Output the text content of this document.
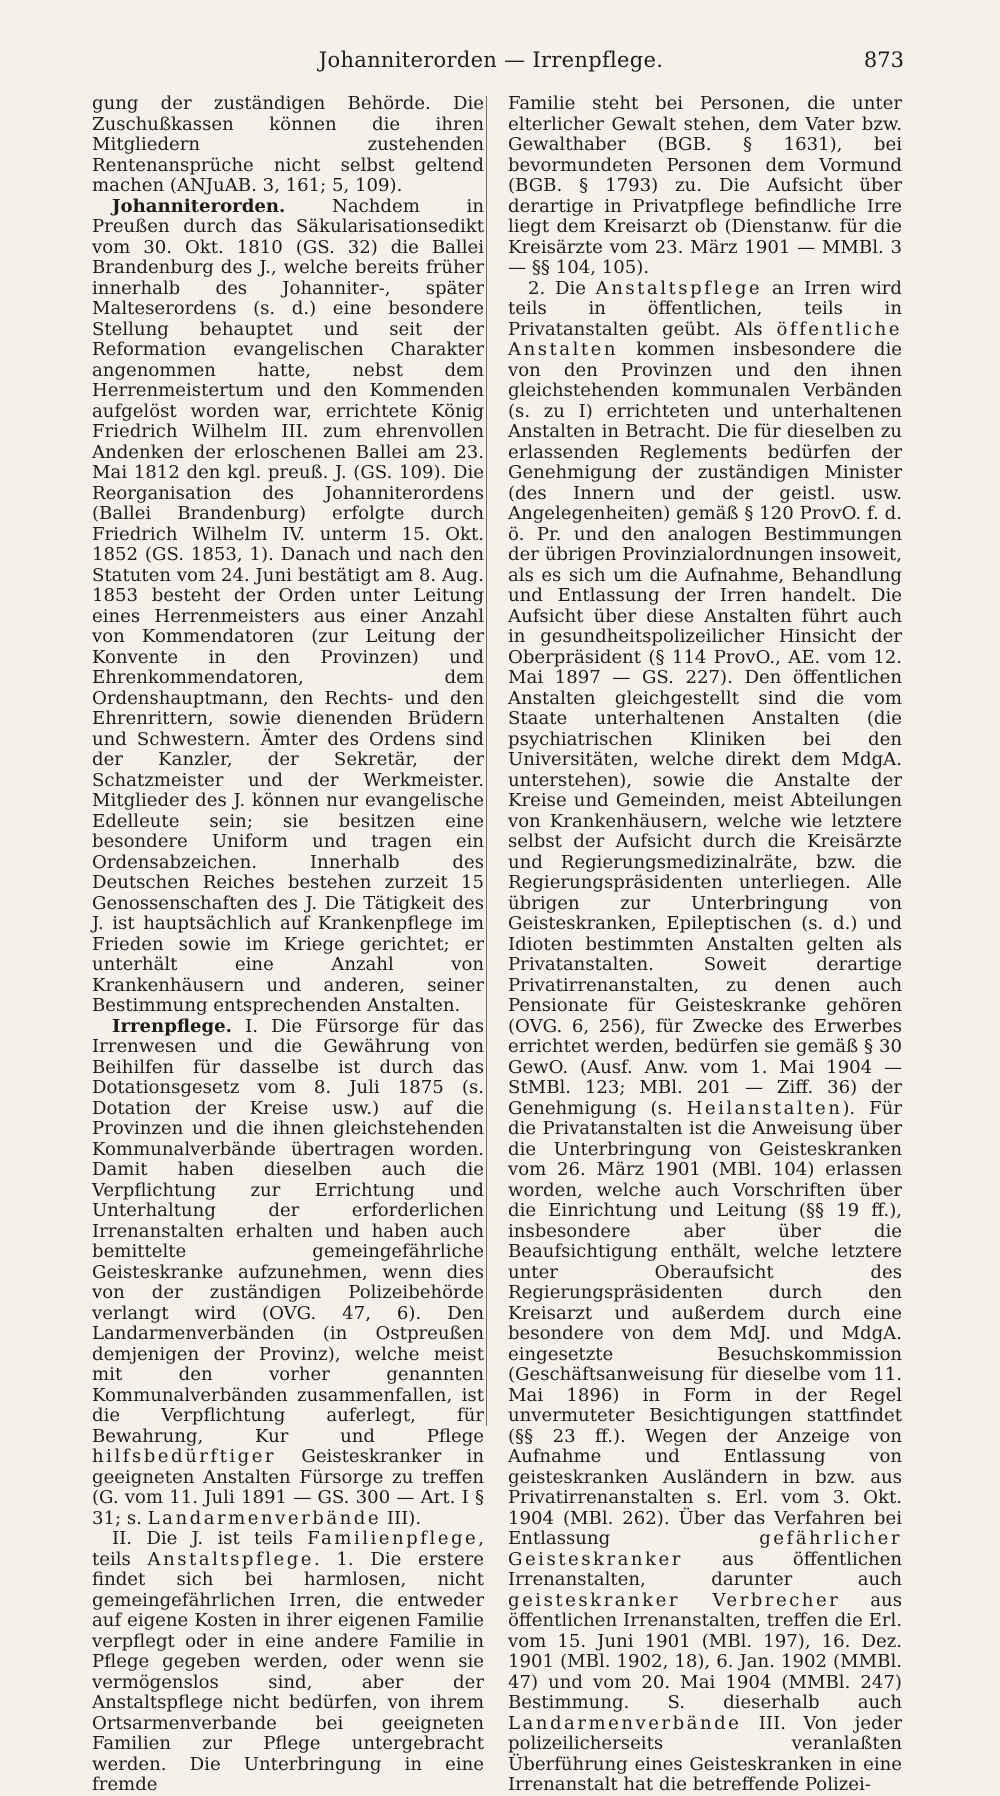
Johanniterorden — Irrenpflege.	873

gung der zuständigen Behörde. Die Zuschußkassen können die ihren Mitgliedern zustehenden Rentenansprüche nicht selbst geltend machen (ANJuAB. 3, 161; 5, 109).

Johanniterorden. Nachdem in Preußen durch das Säkularisationsedikt vom 30. Okt. 1810 (GS. 32) die Ballei Brandenburg des J., welche bereits früher innerhalb des Johanniter-, später Malteserordens (s. d.) eine besondere Stellung behauptet und seit der Reformation evangelischen Charakter angenommen hatte, nebst dem Herrenmeistertum und den Kommenden aufgelöst worden war, errichtete König Friedrich Wilhelm III. zum ehrenvollen Andenken der erloschenen Ballei am 23. Mai 1812 den kgl. preuß. J. (GS. 109). Die Reorganisation des Johanniterordens (Ballei Brandenburg) erfolgte durch Friedrich Wilhelm IV. unterm 15. Okt. 1852 (GS. 1853, 1). Danach und nach den Statuten vom 24. Juni bestätigt am 8. Aug. 1853 besteht der Orden unter Leitung eines Herrenmeisters aus einer Anzahl von Kommendatoren (zur Leitung der Konvente in den Provinzen) und Ehrenkommendatoren, dem Ordenshauptmann, den Rechts- und den Ehrenrittern, sowie dienenden Brüdern und Schwestern. Ämter des Ordens sind der Kanzler, der Sekretär, der Schatzmeister und der Werkmeister. Mitglieder des J. können nur evangelische Edelleute sein; sie besitzen eine besondere Uniform und tragen ein Ordensabzeichen. Innerhalb des Deutschen Reiches bestehen zurzeit 15 Genossenschaften des J. Die Tätigkeit des J. ist hauptsächlich auf Krankenpflege im Frieden sowie im Kriege gerichtet; er unterhält eine Anzahl von Krankenhäusern und anderen, seiner Bestimmung entsprechenden Anstalten.

Irrenpflege. I. Die Fürsorge für das Irrenwesen und die Gewährung von Beihilfen für dasselbe ist durch das Dotationsgesetz vom 8. Juli 1875 (s. Dotation der Kreise usw.) auf die Provinzen und die ihnen gleichstehenden Kommunalverbände übertragen worden. Damit haben dieselben auch die Verpflichtung zur Errichtung und Unterhaltung der erforderlichen Irrenanstalten erhalten und haben auch bemittelte gemeingefährliche Geisteskranke aufzunehmen, wenn dies von der zuständigen Polizeibehörde verlangt wird (OVG. 47, 6). Den Landarmenverbänden (in Ostpreußen demjenigen der Provinz), welche meist mit den vorher genannten Kommunalverbänden zusammenfallen, ist die Verpflichtung auferlegt, für Bewahrung, Kur und Pflege hilfsbedürftiger Geisteskranker in geeigneten Anstalten Fürsorge zu treffen (G. vom 11. Juli 1891 — GS. 300 — Art. I § 31; s. Landarmenverbände III).

II. Die J. ist teils Familienpflege, teils Anstaltspflege. 1. Die erstere findet sich bei harmlosen, nicht gemeingefährlichen Irren, die entweder auf eigene Kosten in ihrer eigenen Familie verpflegt oder in eine andere Familie in Pflege gegeben werden, oder wenn sie vermögenslos sind, aber der Anstaltspflege nicht bedürfen, von ihrem Ortsarmenverbande bei geeigneten Familien zur Pflege untergebracht werden. Die Unterbringung in eine fremde

Familie steht bei Personen, die unter elterlicher Gewalt stehen, dem Vater bzw. Gewalthaber (BGB. § 1631), bei bevormundeten Personen dem Vormund (BGB. § 1793) zu. Die Aufsicht über derartige in Privatpflege befindliche Irre liegt dem Kreisarzt ob (Dienstanw. für die Kreisärzte vom 23. März 1901 — MMBl. 3 — §§ 104, 105).

2. Die Anstaltspflege an Irren wird teils in öffentlichen, teils in Privatanstalten geübt. Als öffentliche Anstalten kommen insbesondere die von den Provinzen und den ihnen gleichstehenden kommunalen Verbänden (s. zu I) errichteten und unterhaltenen Anstalten in Betracht. Die für dieselben zu erlassenden Reglements bedürfen der Genehmigung der zuständigen Minister (des Innern und der geistl. usw. Angelegenheiten) gemäß § 120 ProvO. f. d. ö. Pr. und den analogen Bestimmungen der übrigen Provinzialordnungen insoweit, als es sich um die Aufnahme, Behandlung und Entlassung der Irren handelt. Die Aufsicht über diese Anstalten führt auch in gesundheitspolizeilicher Hinsicht der Oberpräsident (§ 114 ProvO., AE. vom 12. Mai 1897 — GS. 227). Den öffentlichen Anstalten gleichgestellt sind die vom Staate unterhaltenen Anstalten (die psychiatrischen Kliniken bei den Universitäten, welche direkt dem MdgA. unterstehen), sowie die Anstalte der Kreise und Gemeinden, meist Abteilungen von Krankenhäusern, welche wie letztere selbst der Aufsicht durch die Kreisärzte und Regierungsmedizinalräte, bzw. die Regierungspräsidenten unterliegen. Alle übrigen zur Unterbringung von Geisteskranken, Epileptischen (s. d.) und Idioten bestimmten Anstalten gelten als Privatanstalten. Soweit derartige Privatirrenanstalten, zu denen auch Pensionate für Geisteskranke gehören (OVG. 6, 256), für Zwecke des Erwerbes errichtet werden, bedürfen sie gemäß § 30 GewO. (Ausf. Anw. vom 1. Mai 1904 — StMBl. 123; MBl. 201 — Ziff. 36) der Genehmigung (s. Heilanstalten). Für die Privatanstalten ist die Anweisung über die Unterbringung von Geisteskranken vom 26. März 1901 (MBl. 104) erlassen worden, welche auch Vorschriften über die Einrichtung und Leitung (§§ 19 ff.), insbesondere aber über die Beaufsichtigung enthält, welche letztere unter Oberaufsicht des Regierungspräsidenten durch den Kreisarzt und außerdem durch eine besondere von dem MdJ. und MdgA. eingesetzte Besuchskommission (Geschäftsanweisung für dieselbe vom 11. Mai 1896) in Form in der Regel unvermuteter Besichtigungen stattfindet (§§ 23 ff.). Wegen der Anzeige von Aufnahme und Entlassung von geisteskranken Ausländern in bzw. aus Privatirrenanstalten s. Erl. vom 3. Okt. 1904 (MBl. 262). Über das Verfahren bei Entlassung gefährlicher Geisteskranker aus öffentlichen Irrenanstalten, darunter auch geisteskranker Verbrecher aus öffentlichen Irrenanstalten, treffen die Erl. vom 15. Juni 1901 (MBl. 197), 16. Dez. 1901 (MBl. 1902, 18), 6. Jan. 1902 (MMBl. 47) und vom 20. Mai 1904 (MMBl. 247) Bestimmung. S. dieserhalb auch Landarmenverbände III. Von jeder polizeilicherseits veranlaßten Überführung eines Geisteskranken in eine Irrenanstalt hat die betreffende Polizei-
